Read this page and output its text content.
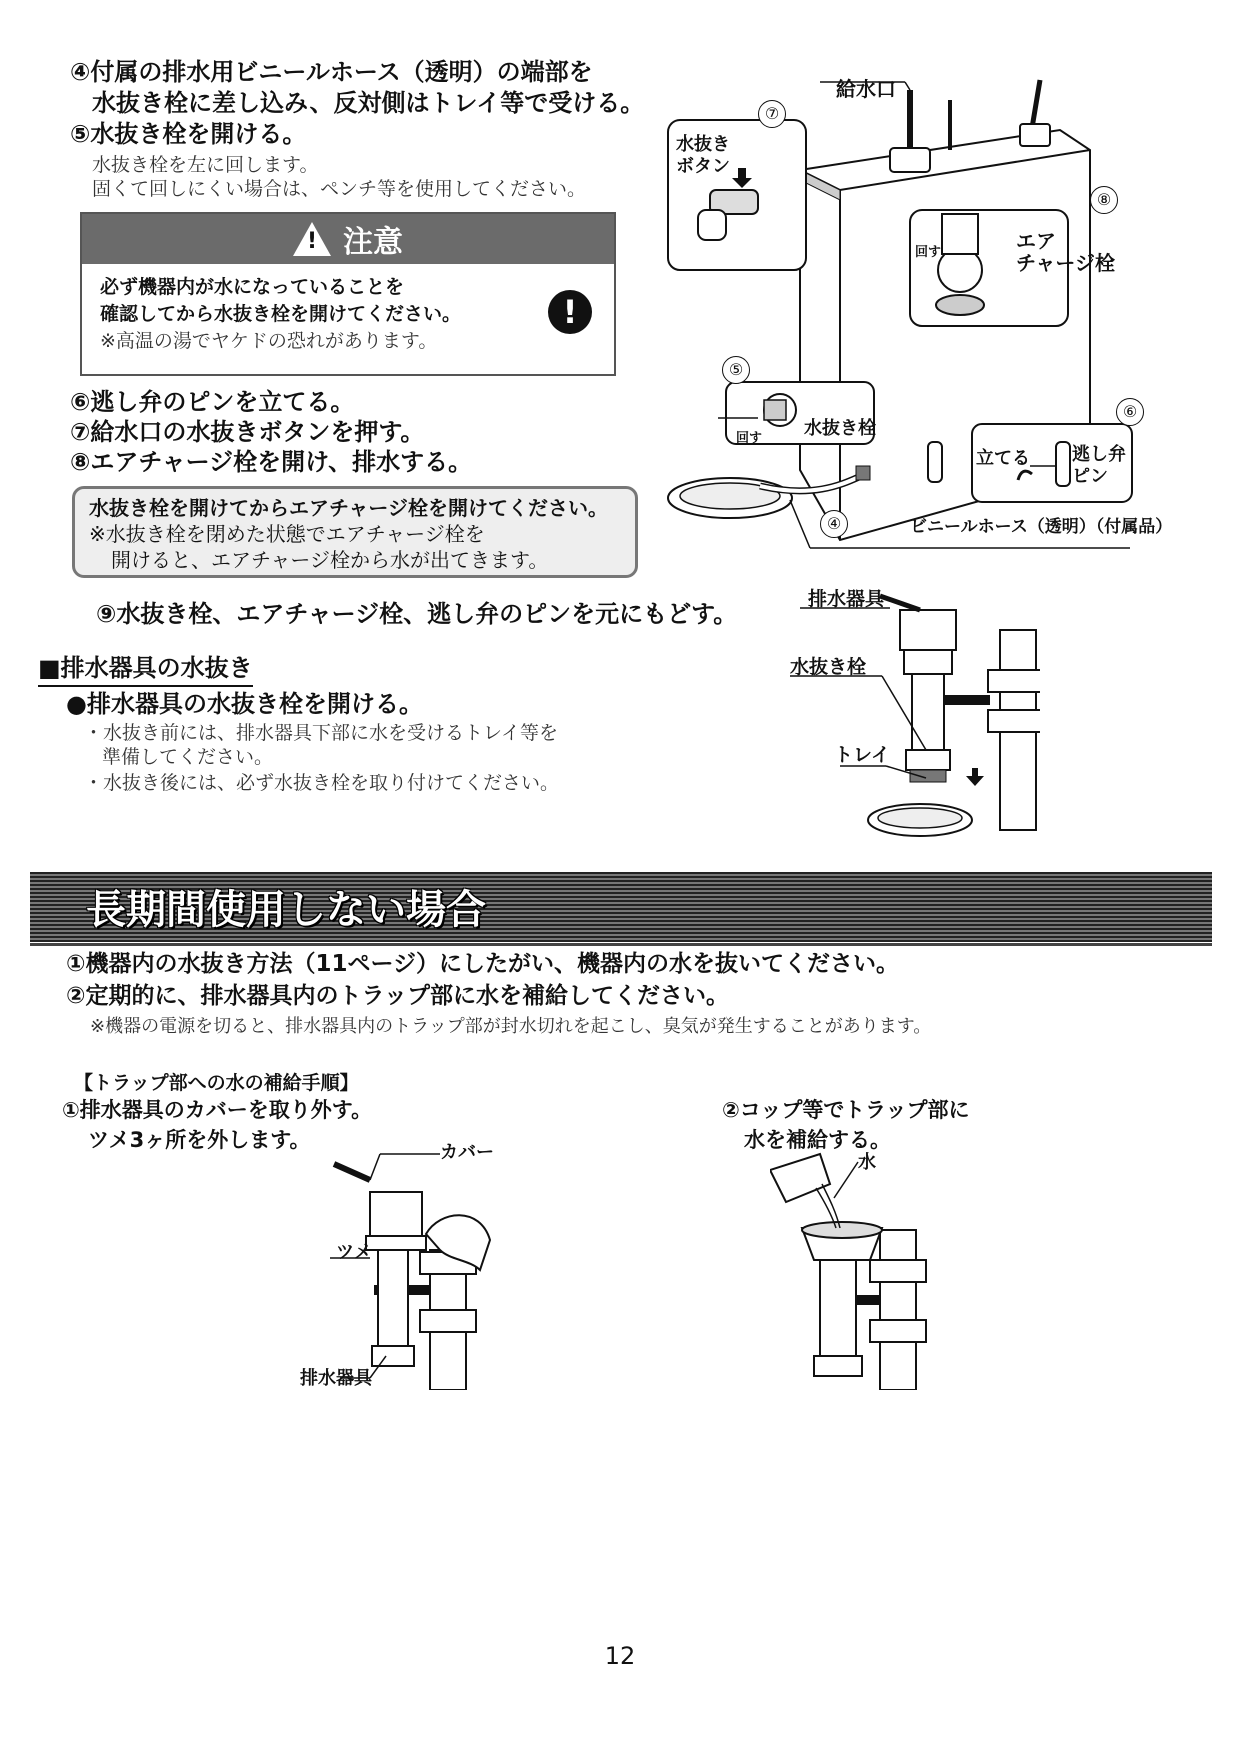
④付属の排水用ビニールホース（透明）の端部を
水抜き栓に差し込み、反対側はトレイ等で受ける。
⑤水抜き栓を開ける。
水抜き栓を左に回します。
固くて回しにくい場合は、ペンチ等を使用してください。
! 注意
必ず機器内が水になっていることを
確認してから水抜き栓を開けてください。
※高温の湯でヤケドの恐れがあります。
!
⑥逃し弁のピンを立てる。
⑦給水口の水抜きボタンを押す。
⑧エアチャージ栓を開け、排水する。
水抜き栓を開けてからエアチャージ栓を開けてください。
※水抜き栓を閉めた状態でエアチャージ栓を
開けると、エアチャージ栓から水が出てきます。
⑨水抜き栓、エアチャージ栓、逃し弁のピンを元にもどす。
■排水器具の水抜き
●排水器具の水抜き栓を開ける。
・水抜き前には、排水器具下部に水を受けるトレイ等を
準備してください。
・水抜き後には、必ず水抜き栓を取り付けてください。
給水口
⑦
水抜き
ボタン
⑧
回す	エア
チャージ栓
⑤
回す 水抜き栓
⑥
立てる 逃し弁
ピン
④	ビニールホース（透明）（付属品）
排水器具
水抜き栓
トレイ
長期間使用しない場合
①機器内の水抜き方法（11ページ）にしたがい、機器内の水を抜いてください。
②定期的に、排水器具内のトラップ部に水を補給してください。
※機器の電源を切ると、排水器具内のトラップ部が封水切れを起こし、臭気が発生することがあります。
【トラップ部への水の補給手順】
①排水器具のカバーを取り外す。
ツメ3ヶ所を外します。
②コップ等でトラップ部に
水を補給する。
カバー
ツメ
排水器具
水
12
